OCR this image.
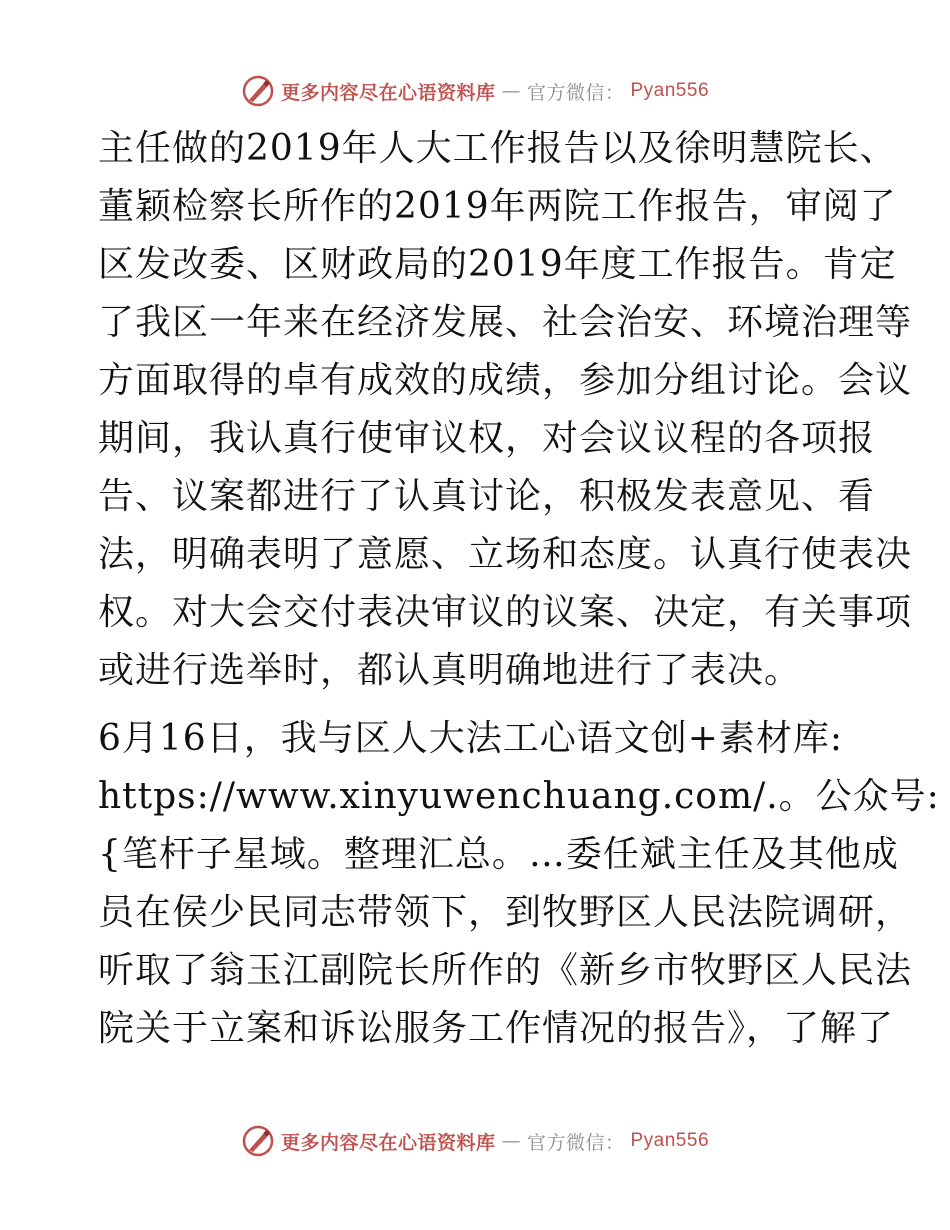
更多内容尽在心语资料库 — 官方微信： Pyan556
主任做的2019年人大工作报告以及徐明慧院长、
董颖检察长所作的2019年两院工作报告，审阅了
区发改委、区财政局的2019年度工作报告。肯定
了我区一年来在经济发展、社会治安、环境治理等
方面取得的卓有成效的成绩，参加分组讨论。会议
期间，我认真行使审议权，对会议议程的各项报
告、议案都进行了认真讨论，积极发表意见、看
法，明确表明了意愿、立场和态度。认真行使表决
权。对大会交付表决审议的议案、决定，有关事项
或进行选举时，都认真明确地进行了表决。
6月16日，我与区人大法工心语文创+素材库:
https://www.xinyuwenchuang.com/.。公众号:
{笔杆子星域。整理汇总。…委任斌主任及其他成
员在侯少民同志带领下，到牧野区人民法院调研，
听取了翁玉江副院长所作的《新乡市牧野区人民法
院关于立案和诉讼服务工作情况的报告》，了解了
更多内容尽在心语资料库 — 官方微信： Pyan556
